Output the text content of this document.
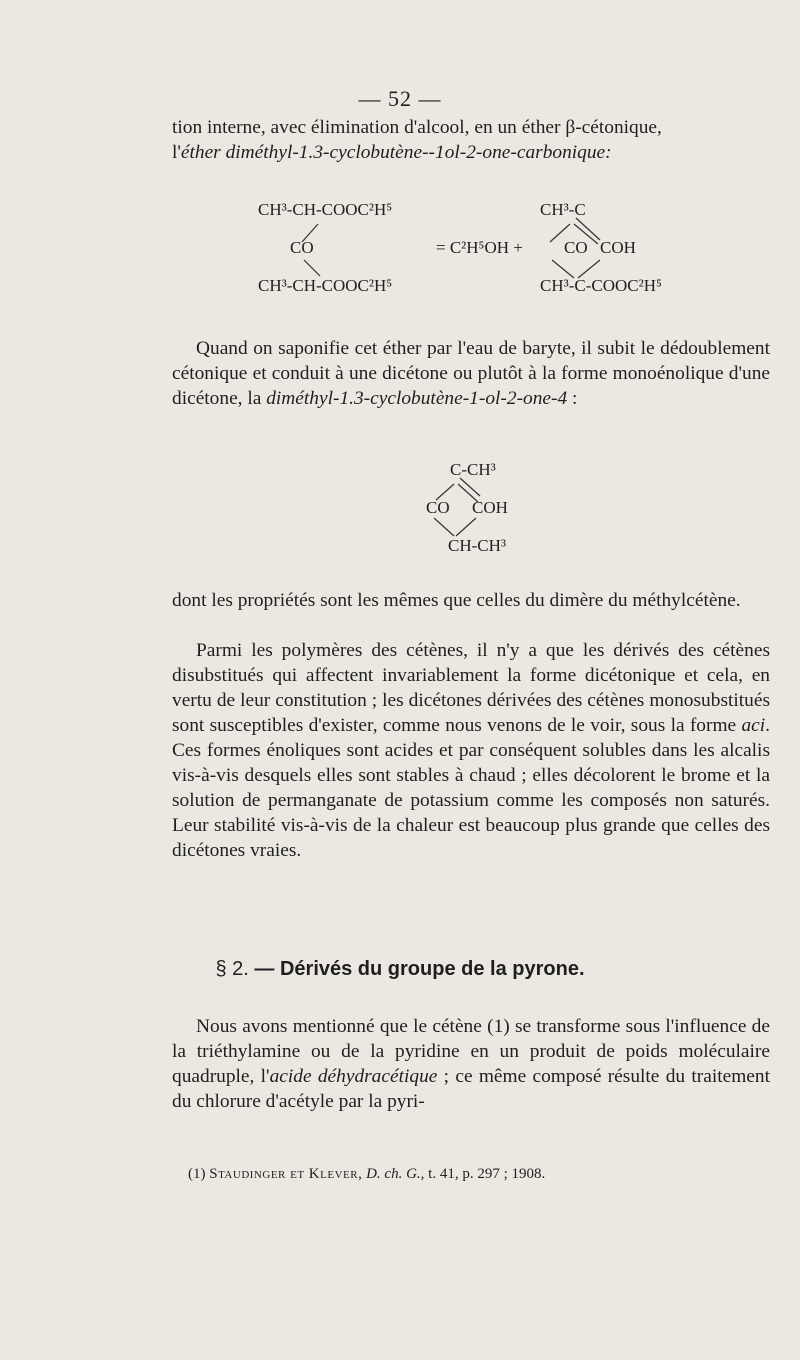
— 52 —

tion interne, avec élimination d'alcool, en un éther β-cétonique,

l'éther diméthyl-1.3-cyclobutène--1ol-2-one-carbonique:

CH³-CH-COOC²H⁵
CO
CH³-CH-COOC²H⁵
= C²H⁵OH +
CH³-C
CO COH
CH³-C-COOC²H⁵

Quand on saponifie cet éther par l'eau de baryte, il subit le dédoublement cétonique et conduit à une dicétone ou plutôt à la forme monoénolique d'une dicétone, la diméthyl-1.3-cyclobutène-1-ol-2-one-4 :

C-CH³
CO COH
CH-CH³

dont les propriétés sont les mêmes que celles du dimère du méthylcétène.

Parmi les polymères des cétènes, il n'y a que les dérivés des cétènes disubstitués qui affectent invariablement la forme dicétonique et cela, en vertu de leur constitution ; les dicétones dérivées des cétènes monosubstitués sont susceptibles d'exister, comme nous venons de le voir, sous la forme aci. Ces formes énoliques sont acides et par conséquent solubles dans les alcalis vis-à-vis desquels elles sont stables à chaud ; elles décolorent le brome et la solution de permanganate de potassium comme les composés non saturés. Leur stabilité vis-à-vis de la chaleur est beaucoup plus grande que celles des dicétones vraies.

§ 2. — Dérivés du groupe de la pyrone.

Nous avons mentionné que le cétène (1) se transforme sous l'influence de la triéthylamine ou de la pyridine en un produit de poids moléculaire quadruple, l'acide déhydracétique ; ce même composé résulte du traitement du chlorure d'acétyle par la pyri-

(1) Staudinger et Klever, D. ch. G., t. 41, p. 297 ; 1908.
